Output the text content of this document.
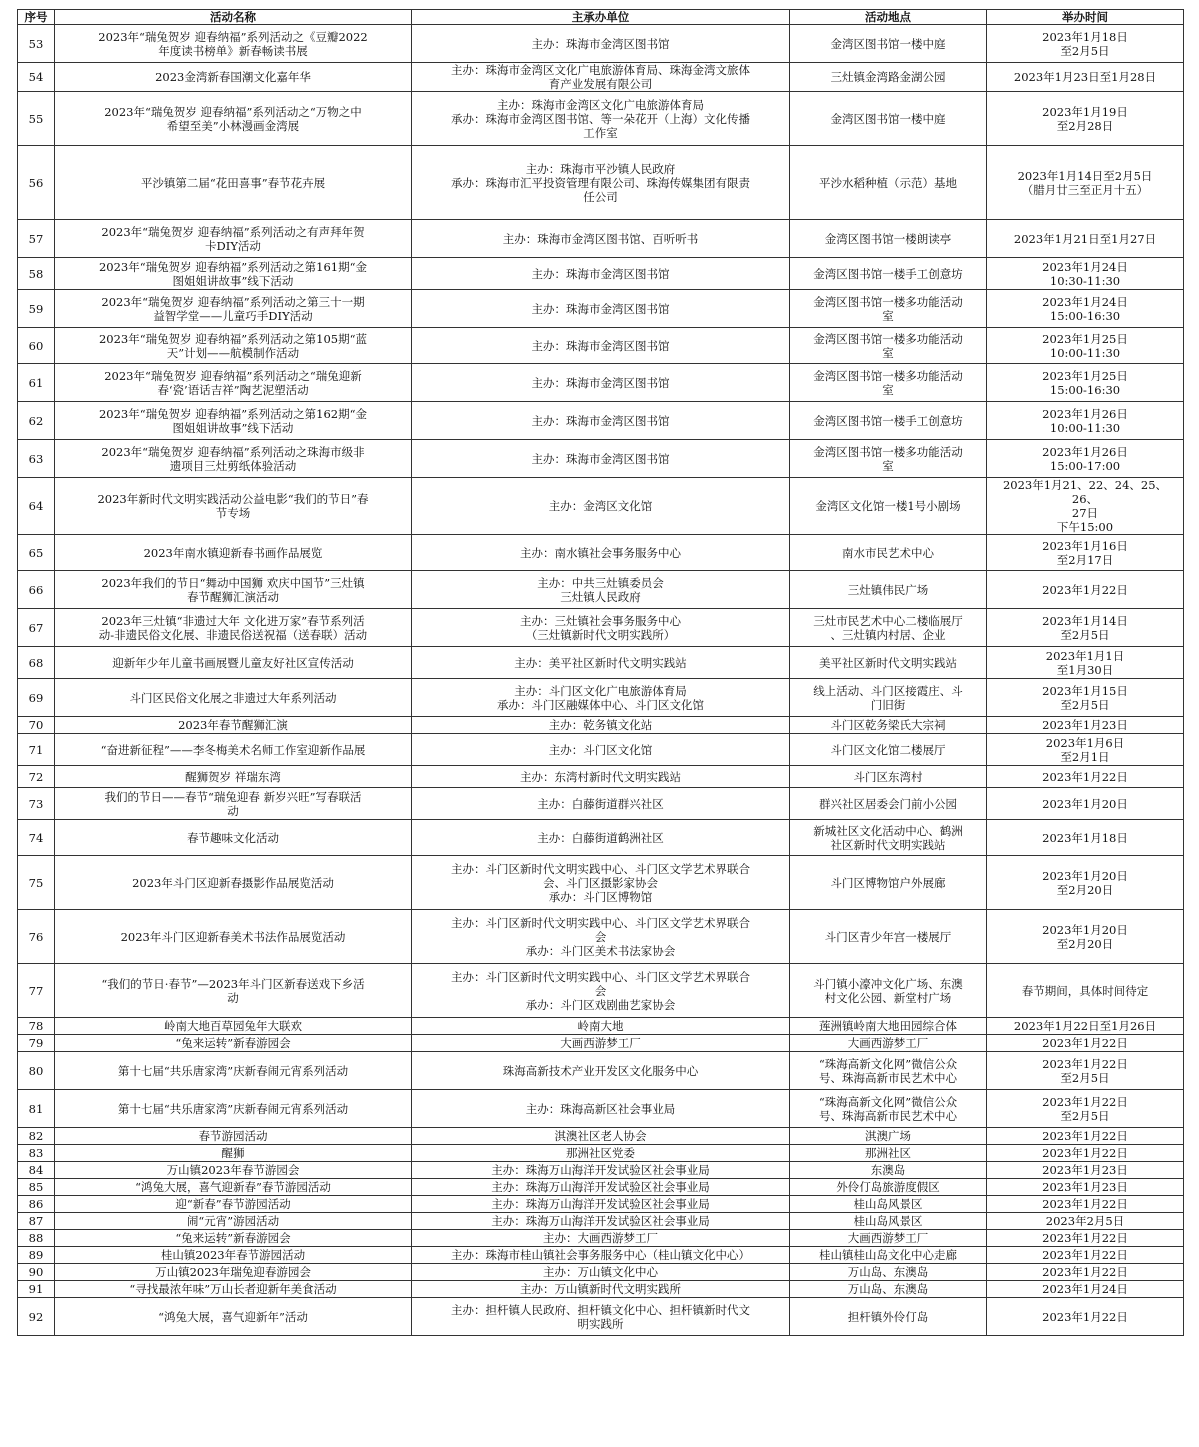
序号	活动名称	主承办单位	活动地点	举办时间
53	2023年“瑞兔贺岁 迎春纳福”系列活动之《豆瓣2022
年度读书榜单》新春畅读书展	主办：珠海市金湾区图书馆	金湾区图书馆一楼中庭	2023年1月18日
至2月5日
54	2023金湾新春国潮文化嘉年华	主办：珠海市金湾区文化广电旅游体育局、珠海金湾文旅体
育产业发展有限公司	三灶镇金湾路金湖公园	2023年1月23日至1月28日
55	2023年“瑞兔贺岁 迎春纳福”系列活动之“万物之中
希望至美”小林漫画金湾展	主办：珠海市金湾区文化广电旅游体育局
承办：珠海市金湾区图书馆、等一朵花开（上海）文化传播
工作室	金湾区图书馆一楼中庭	2023年1月19日
至2月28日
56	平沙镇第二届“花田喜事”春节花卉展	主办：珠海市平沙镇人民政府
承办：珠海市汇平投资管理有限公司、珠海传媒集团有限责
任公司	平沙水稻种植（示范）基地	2023年1月14日至2月5日
（腊月廿三至正月十五）
57	2023年“瑞兔贺岁 迎春纳福”系列活动之有声拜年贺
卡DIY活动	主办：珠海市金湾区图书馆、百听听书	金湾区图书馆一楼朗读亭	2023年1月21日至1月27日
58	2023年“瑞兔贺岁 迎春纳福”系列活动之第161期“金
图姐姐讲故事”线下活动	主办：珠海市金湾区图书馆	金湾区图书馆一楼手工创意坊	2023年1月24日
10:30-11:30
59	2023年“瑞兔贺岁 迎春纳福”系列活动之第三十一期
益智学堂——儿童巧手DIY活动	主办：珠海市金湾区图书馆	金湾区图书馆一楼多功能活动
室	2023年1月24日
15:00-16:30
60	2023年“瑞兔贺岁 迎春纳福”系列活动之第105期“蓝
天”计划——航模制作活动	主办：珠海市金湾区图书馆	金湾区图书馆一楼多功能活动
室	2023年1月25日
10:00-11:30
61	2023年“瑞兔贺岁 迎春纳福”系列活动之“瑞兔迎新
春‘瓷’语话吉祥”陶艺泥塑活动	主办：珠海市金湾区图书馆	金湾区图书馆一楼多功能活动
室	2023年1月25日
15:00-16:30
62	2023年“瑞兔贺岁 迎春纳福”系列活动之第162期“金
图姐姐讲故事”线下活动	主办：珠海市金湾区图书馆	金湾区图书馆一楼手工创意坊	2023年1月26日
10:00-11:30
63	2023年“瑞兔贺岁 迎春纳福”系列活动之珠海市级非
遗项目三灶剪纸体验活动	主办：珠海市金湾区图书馆	金湾区图书馆一楼多功能活动
室	2023年1月26日
15:00-17:00
64	2023年新时代文明实践活动公益电影“我们的节日”春
节专场	主办：金湾区文化馆	金湾区文化馆一楼1号小剧场	2023年1月21、22、24、25、26、
27日
下午15:00
65	2023年南水镇迎新春书画作品展览	主办：南水镇社会事务服务中心	南水市民艺术中心	2023年1月16日
至2月17日
66	2023年我们的节日“舞动中国狮 欢庆中国节”三灶镇
春节醒狮汇演活动	主办：中共三灶镇委员会
三灶镇人民政府	三灶镇伟民广场	2023年1月22日
67	2023年三灶镇“非遗过大年 文化进万家”春节系列活
动-非遗民俗文化展、非遗民俗送祝福（送春联）活动	主办：三灶镇社会事务服务中心
（三灶镇新时代文明实践所）	三灶市民艺术中心二楼临展厅
、三灶镇内村居、企业	2023年1月14日
至2月5日
68	迎新年少年儿童书画展暨儿童友好社区宣传活动	主办：美平社区新时代文明实践站	美平社区新时代文明实践站	2023年1月1日
至1月30日
69	斗门区民俗文化展之非遗过大年系列活动	主办：斗门区文化广电旅游体育局
承办：斗门区融媒体中心、斗门区文化馆	线上活动、斗门区接霞庄、斗
门旧街	2023年1月15日
至2月5日
70	2023年春节醒狮汇演	主办：乾务镇文化站	斗门区乾务梁氏大宗祠	2023年1月23日
71	“奋进新征程”——李冬梅美术名师工作室迎新作品展	主办：斗门区文化馆	斗门区文化馆二楼展厅	2023年1月6日
至2月1日
72	醒狮贺岁 祥瑞东湾	主办：东湾村新时代文明实践站	斗门区东湾村	2023年1月22日
73	我们的节日——春节“瑞兔迎春 新岁兴旺”写春联活
动	主办：白藤街道群兴社区	群兴社区居委会门前小公园	2023年1月20日
74	春节趣味文化活动	主办：白藤街道鹤洲社区	新城社区文化活动中心、鹤洲
社区新时代文明实践站	2023年1月18日
75	2023年斗门区迎新春摄影作品展览活动	主办：斗门区新时代文明实践中心、斗门区文学艺术界联合
会、斗门区摄影家协会
承办：斗门区博物馆	斗门区博物馆户外展廊	2023年1月20日
至2月20日
76	2023年斗门区迎新春美术书法作品展览活动	主办：斗门区新时代文明实践中心、斗门区文学艺术界联合
会
承办：斗门区美术书法家协会	斗门区青少年宫一楼展厅	2023年1月20日
至2月20日
77	“我们的节日·春节”—2023年斗门区新春送戏下乡活
动	主办：斗门区新时代文明实践中心、斗门区文学艺术界联合
会
承办：斗门区戏剧曲艺家协会	斗门镇小濠冲文化广场、东澳
村文化公园、新堂村广场	春节期间，具体时间待定
78	岭南大地百草园兔年大联欢	岭南大地	莲洲镇岭南大地田园综合体	2023年1月22日至1月26日
79	“兔来运转”新春游园会	大画西游梦工厂	大画西游梦工厂	2023年1月22日
80	第十七届“共乐唐家湾”庆新春闹元宵系列活动	珠海高新技术产业开发区文化服务中心	“珠海高新文化网”微信公众
号、珠海高新市民艺术中心	2023年1月22日
至2月5日
81	第十七届“共乐唐家湾”庆新春闹元宵系列活动	主办：珠海高新区社会事业局	“珠海高新文化网”微信公众
号、珠海高新市民艺术中心	2023年1月22日
至2月5日
82	春节游园活动	淇澳社区老人协会	淇澳广场	2023年1月22日
83	醒狮	那洲社区党委	那洲社区	2023年1月22日
84	万山镇2023年春节游园会	主办：珠海万山海洋开发试验区社会事业局	东澳岛	2023年1月23日
85	“鸿兔大展，喜气迎新春”春节游园活动	主办：珠海万山海洋开发试验区社会事业局	外伶仃岛旅游度假区	2023年1月23日
86	迎“新春”春节游园活动	主办：珠海万山海洋开发试验区社会事业局	桂山岛风景区	2023年1月22日
87	闹“元宵”游园活动	主办：珠海万山海洋开发试验区社会事业局	桂山岛风景区	2023年2月5日
88	“兔来运转”新春游园会	主办：大画西游梦工厂	大画西游梦工厂	2023年1月22日
89	桂山镇2023年春节游园活动	主办：珠海市桂山镇社会事务服务中心（桂山镇文化中心）	桂山镇桂山岛文化中心走廊	2023年1月22日
90	万山镇2023年瑞兔迎春游园会	主办：万山镇文化中心	万山岛、东澳岛	2023年1月22日
91	“寻找最浓年味”万山长者迎新年美食活动	主办：万山镇新时代文明实践所	万山岛、东澳岛	2023年1月24日
92	“鸿兔大展，喜气迎新年”活动	主办：担杆镇人民政府、担杆镇文化中心、担杆镇新时代文
明实践所	担杆镇外伶仃岛	2023年1月22日
